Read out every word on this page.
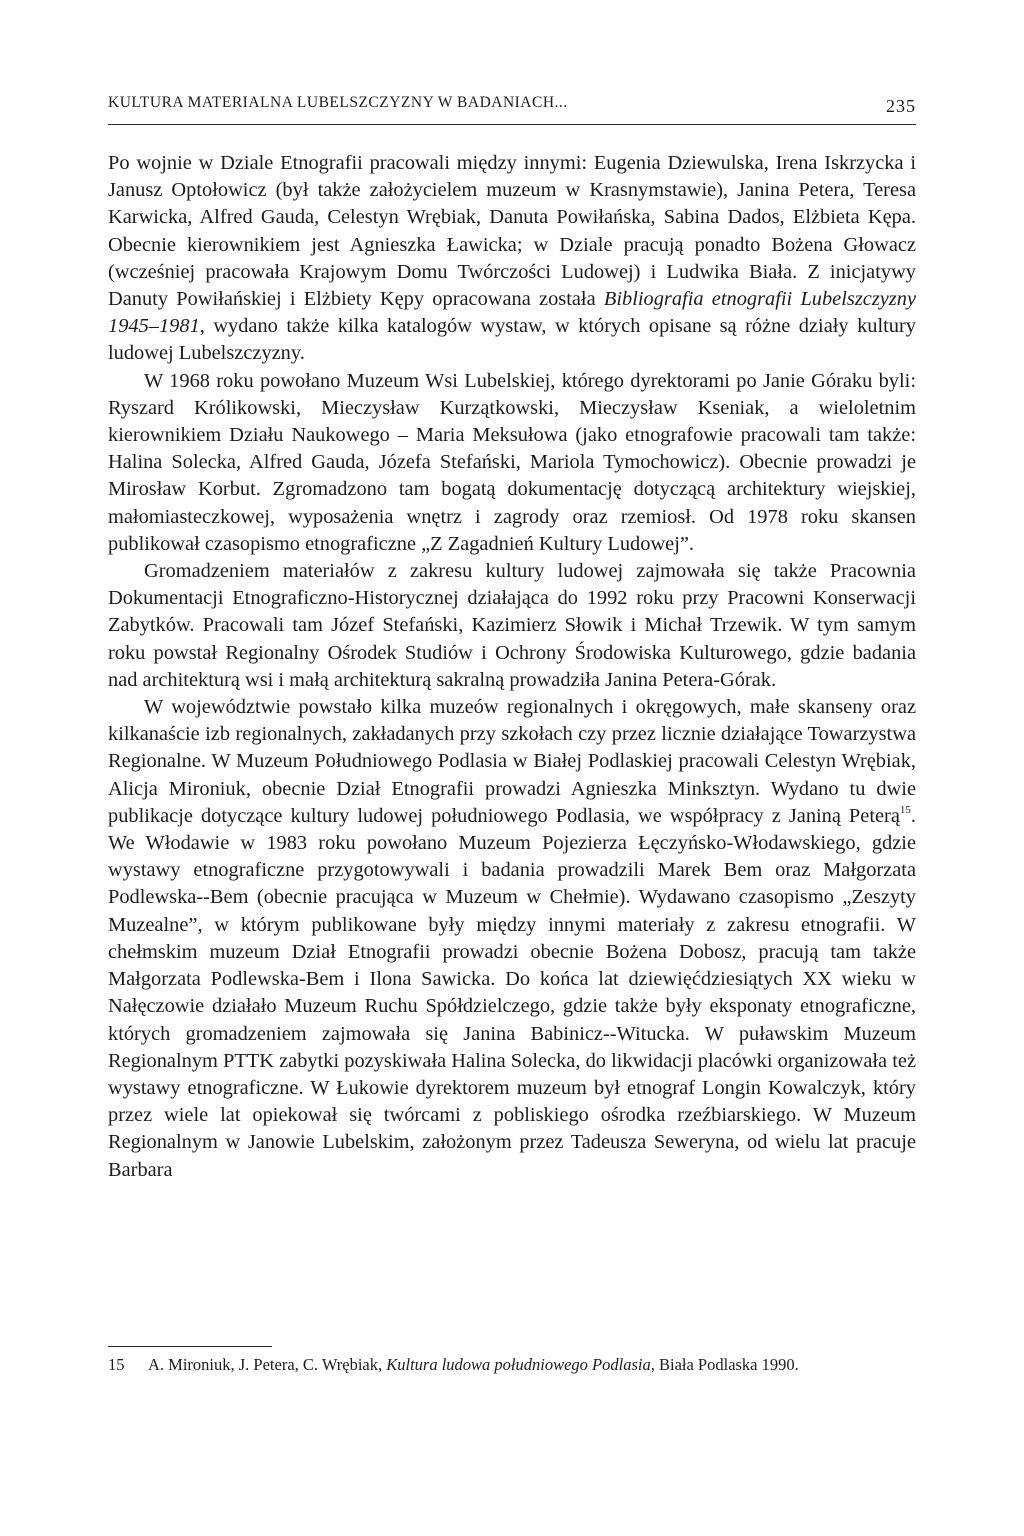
KULTURA MATERIALNA LUBELSZCZYZNY W BADANIACH...	235

Po wojnie w Dziale Etnografii pracowali między innymi: Eugenia Dziewulska, Irena Iskrzycka i Janusz Optołowicz (był także założycielem muzeum w Krasnymstawie), Janina Petera, Teresa Karwicka, Alfred Gauda, Celestyn Wrębiak, Danuta Powiłańska, Sabina Dados, Elżbieta Kępa. Obecnie kierownikiem jest Agnieszka Ławicka; w Dziale pracują ponadto Bożena Głowacz (wcześniej pracowała Krajowym Domu Twórczości Ludowej) i Ludwika Biała. Z inicjatywy Danuty Powiłańskiej i Elżbiety Kępy opracowana została Bibliografia etnografii Lubelszczyzny 1945–1981, wydano także kilka katalogów wystaw, w których opisane są różne działy kultury ludowej Lubelszczyzny.

W 1968 roku powołano Muzeum Wsi Lubelskiej, którego dyrektorami po Janie Góraku byli: Ryszard Królikowski, Mieczysław Kurzątkowski, Mieczysław Kseniak, a wieloletnim kierownikiem Działu Naukowego – Maria Meksułowa (jako etnografowie pracowali tam także: Halina Solecka, Alfred Gauda, Józefa Stefański, Mariola Tymochowicz). Obecnie prowadzi je Mirosław Korbut. Zgromadzono tam bogatą dokumentację dotyczącą architektury wiejskiej, małomiasteczkowej, wyposażenia wnętrz i zagrody oraz rzemiosł. Od 1978 roku skansen publikował czasopismo etnograficzne „Z Zagadnień Kultury Ludowej”.

Gromadzeniem materiałów z zakresu kultury ludowej zajmowała się także Pracownia Dokumentacji Etnograficzno-Historycznej działająca do 1992 roku przy Pracowni Konserwacji Zabytków. Pracowali tam Józef Stefański, Kazimierz Słowik i Michał Trzewik. W tym samym roku powstał Regionalny Ośrodek Studiów i Ochrony Środowiska Kulturowego, gdzie badania nad architekturą wsi i małą architekturą sakralną prowadziła Janina Petera-Górak.

W województwie powstało kilka muzeów regionalnych i okręgowych, małe skanseny oraz kilkanaście izb regionalnych, zakładanych przy szkołach czy przez licznie działające Towarzystwa Regionalne. W Muzeum Południowego Podlasia w Białej Podlaskiej pracowali Celestyn Wrębiak, Alicja Mironiuk, obecnie Dział Etnografii prowadzi Agnieszka Minksztyn. Wydano tu dwie publikacje dotyczące kultury ludowej południowego Podlasia, we współpracy z Janiną Peterą$^{15}$. We Włodawie w 1983 roku powołano Muzeum Pojezierza Łęczyńsko-Włodawskiego, gdzie wystawy etnograficzne przygotowywali i badania prowadzili Marek Bem oraz Małgorzata Podlewska-‑Bem (obecnie pracująca w Muzeum w Chełmie). Wydawano czasopismo „Zeszyty Muzealne”, w którym publikowane były między innymi materiały z zakresu etnografii. W chełmskim muzeum Dział Etnografii prowadzi obecnie Bożena Dobosz, pracują tam także Małgorzata Podlewska-Bem i Ilona Sawicka. Do końca lat dziewięćdziesiątych XX wieku w Nałęczowie działało Muzeum Ruchu Spółdzielczego, gdzie także były eksponaty etnograficzne, których gromadzeniem zajmowała się Janina Babinicz-‑Witucka. W puławskim Muzeum Regionalnym PTTK zabytki pozyskiwała Halina Solecka, do likwidacji placówki organizowała też wystawy etnograficzne. W Łukowie dyrektorem muzeum był etnograf Longin Kowalczyk, który przez wiele lat opiekował się twórcami z pobliskiego ośrodka rzeźbiarskiego. W Muzeum Regionalnym w Janowie Lubelskim, założonym przez Tadeusza Seweryna, od wielu lat pracuje Barbara

15 A. Mironiuk, J. Petera, C. Wrębiak, Kultura ludowa południowego Podlasia, Biała Podlaska 1990.
